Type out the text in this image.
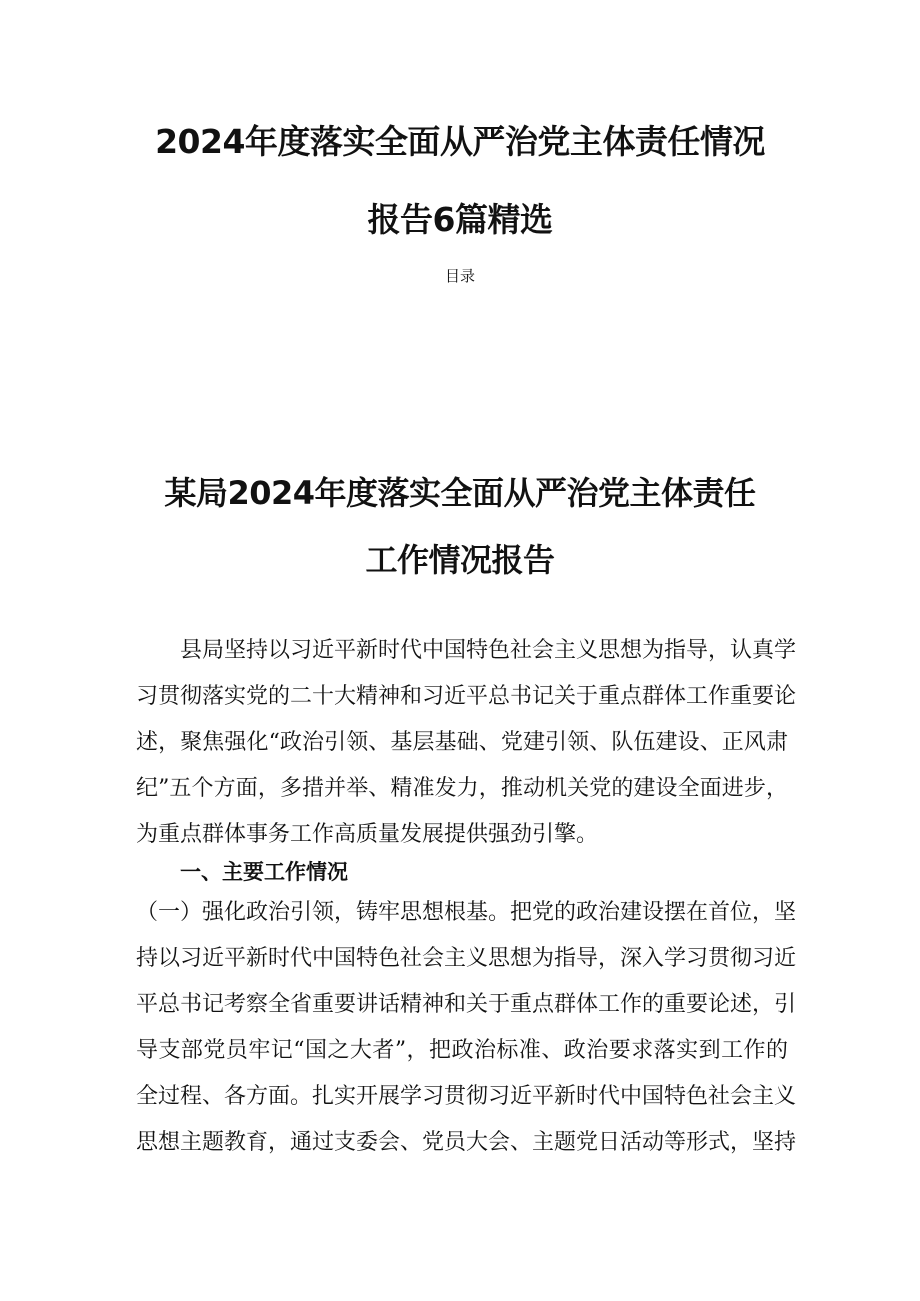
2024年度落实全面从严治党主体责任情况
报告6篇精选
目录
某局2024年度落实全面从严治党主体责任
工作情况报告
县局坚持以习近平新时代中国特色社会主义思想为指导，认真学
习贯彻落实党的二十大精神和习近平总书记关于重点群体工作重要论
述，聚焦强化“政治引领、基层基础、党建引领、队伍建设、正风肃
纪”五个方面，多措并举、精准发力，推动机关党的建设全面进步，
为重点群体事务工作高质量发展提供强劲引擎。
一、主要工作情况
（一）强化政治引领，铸牢思想根基。把党的政治建设摆在首位，坚
持以习近平新时代中国特色社会主义思想为指导，深入学习贯彻习近
平总书记考察全省重要讲话精神和关于重点群体工作的重要论述，引
导支部党员牢记“国之大者”，把政治标准、政治要求落实到工作的
全过程、各方面。扎实开展学习贯彻习近平新时代中国特色社会主义
思想主题教育，通过支委会、党员大会、主题党日活动等形式，坚持
